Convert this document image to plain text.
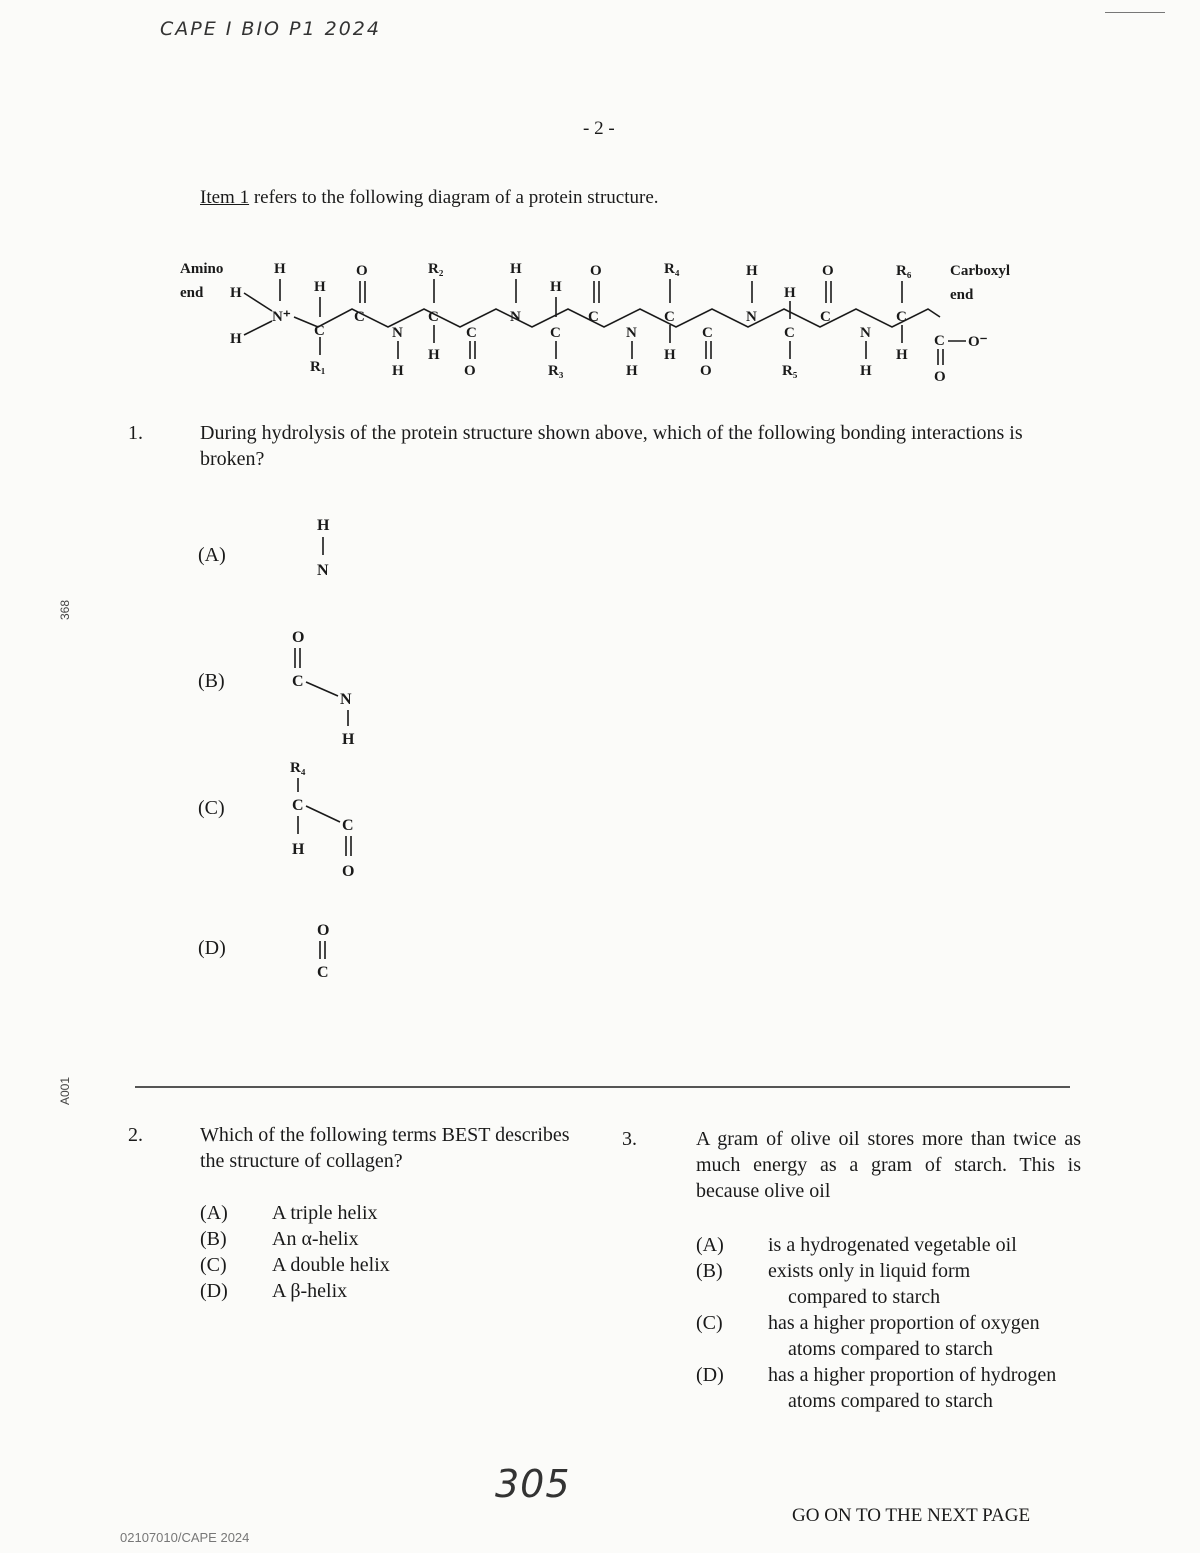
CAPE I BIO P1 2024
- 2 -
368
A001
Item 1 refers to the following diagram of a protein structure.
Amino
end H
H
H
N⁺
H
C
R₁
O
C
N
H
R₂
C
H
C
O
H
N
H
C
R₃
O
C
N
H
R₄
C
H
C
O
H
N
H
C
R₅
O
C
N
H
R₆
C
H
C O⁻
O
Carboxyl
end
1.	During hydrolysis of the protein structure shown above, which of the following bonding interactions is broken?
(A)
H
N
(B)
O
C
N
H
(C)
R₄
C
C
O
H
(D)
O
C
2.	Which of the following terms BEST describes the structure of collagen?
(A)	A triple helix
(B)	An α-helix
(C)	A double helix
(D)	A β-helix
3.	A gram of olive oil stores more than twice as much energy as a gram of starch. This is because olive oil
(A)	is a hydrogenated vegetable oil
(B)	exists only in liquid form
compared to starch
(C)	has a higher proportion of oxygen
atoms compared to starch
(D)	has a higher proportion of hydrogen
atoms compared to starch
305
02107010/CAPE 2024
GO ON TO THE NEXT PAGE
